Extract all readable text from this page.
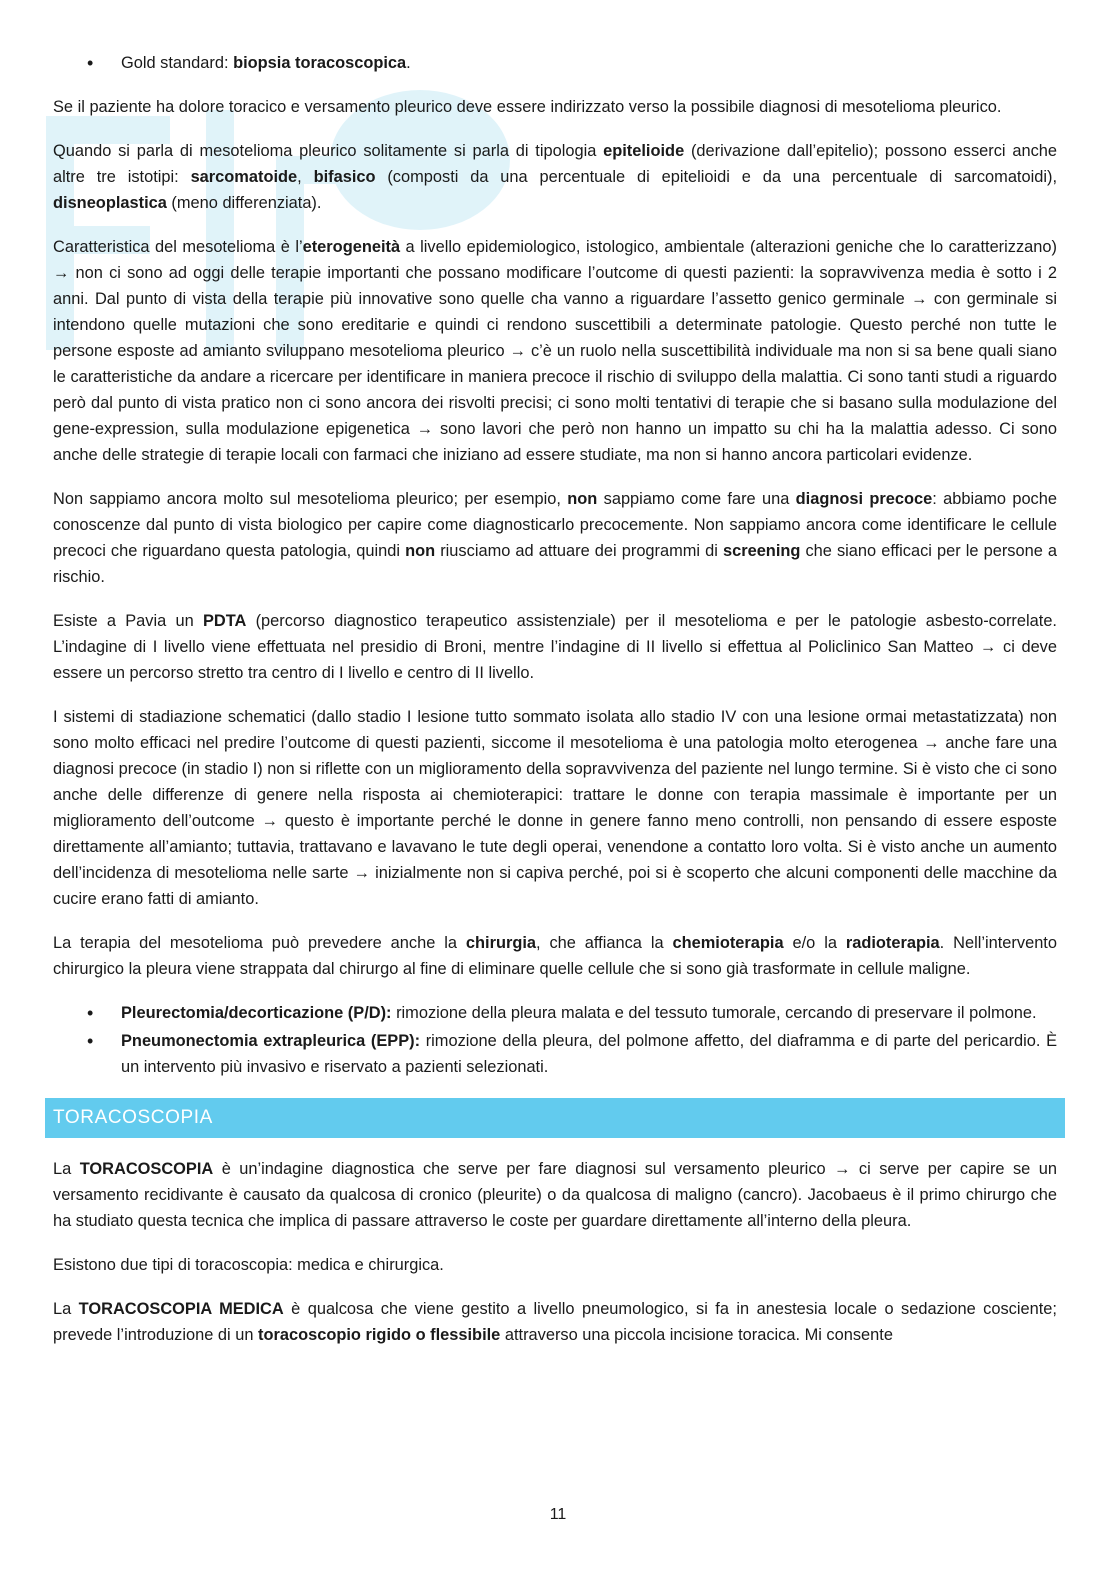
• Gold standard: biopsia toracoscopica.

Se il paziente ha dolore toracico e versamento pleurico deve essere indirizzato verso la possibile diagnosi di mesotelioma pleurico.

Quando si parla di mesotelioma pleurico solitamente si parla di tipologia epitelioide (derivazione dall’epitelio); possono esserci anche altre tre istotipi: sarcomatoide, bifasico (composti da una percentuale di epitelioidi e da una percentuale di sarcomatoidi), disneoplastica (meno differenziata).

Caratteristica del mesotelioma è l’eterogeneità a livello epidemiologico, istologico, ambientale (alterazioni geniche che lo caratterizzano) → non ci sono ad oggi delle terapie importanti che possano modificare l’outcome di questi pazienti: la sopravvivenza media è sotto i 2 anni. Dal punto di vista della terapie più innovative sono quelle cha vanno a riguardare l’assetto genico germinale → con germinale si intendono quelle mutazioni che sono ereditarie e quindi ci rendono suscettibili a determinate patologie. Questo perché non tutte le persone esposte ad amianto sviluppano mesotelioma pleurico → c’è un ruolo nella suscettibilità individuale ma non si sa bene quali siano le caratteristiche da andare a ricercare per identificare in maniera precoce il rischio di sviluppo della malattia. Ci sono tanti studi a riguardo però dal punto di vista pratico non ci sono ancora dei risvolti precisi; ci sono molti tentativi di terapie che si basano sulla modulazione del gene-expression, sulla modulazione epigenetica → sono lavori che però non hanno un impatto su chi ha la malattia adesso. Ci sono anche delle strategie di terapie locali con farmaci che iniziano ad essere studiate, ma non si hanno ancora particolari evidenze.

Non sappiamo ancora molto sul mesotelioma pleurico; per esempio, non sappiamo come fare una diagnosi precoce: abbiamo poche conoscenze dal punto di vista biologico per capire come diagnosticarlo precocemente. Non sappiamo ancora come identificare le cellule precoci che riguardano questa patologia, quindi non riusciamo ad attuare dei programmi di screening che siano efficaci per le persone a rischio.

Esiste a Pavia un PDTA (percorso diagnostico terapeutico assistenziale) per il mesotelioma e per le patologie asbesto-correlate. L’indagine di I livello viene effettuata nel presidio di Broni, mentre l’indagine di II livello si effettua al Policlinico San Matteo → ci deve essere un percorso stretto tra centro di I livello e centro di II livello.

I sistemi di stadiazione schematici (dallo stadio I lesione tutto sommato isolata allo stadio IV con una lesione ormai metastatizzata) non sono molto efficaci nel predire l’outcome di questi pazienti, siccome il mesotelioma è una patologia molto eterogenea → anche fare una diagnosi precoce (in stadio I) non si riflette con un miglioramento della sopravvivenza del paziente nel lungo termine. Si è visto che ci sono anche delle differenze di genere nella risposta ai chemioterapici: trattare le donne con terapia massimale è importante per un miglioramento dell’outcome → questo è importante perché le donne in genere fanno meno controlli, non pensando di essere esposte direttamente all’amianto; tuttavia, trattavano e lavavano le tute degli operai, venendone a contatto loro volta. Si è visto anche un aumento dell’incidenza di mesotelioma nelle sarte → inizialmente non si capiva perché, poi si è scoperto che alcuni componenti delle macchine da cucire erano fatti di amianto.

La terapia del mesotelioma può prevedere anche la chirurgia, che affianca la chemioterapia e/o la radioterapia. Nell’intervento chirurgico la pleura viene strappata dal chirurgo al fine di eliminare quelle cellule che si sono già trasformate in cellule maligne.

• Pleurectomia/decorticazione (P/D): rimozione della pleura malata e del tessuto tumorale, cercando di preservare il polmone.
• Pneumonectomia extrapleurica (EPP): rimozione della pleura, del polmone affetto, del diaframma e di parte del pericardio. È un intervento più invasivo e riservato a pazienti selezionati.
TORACOSCOPIA

La TORACOSCOPIA è un’indagine diagnostica che serve per fare diagnosi sul versamento pleurico → ci serve per capire se un versamento recidivante è causato da qualcosa di cronico (pleurite) o da qualcosa di maligno (cancro). Jacobaeus è il primo chirurgo che ha studiato questa tecnica che implica di passare attraverso le coste per guardare direttamente all’interno della pleura.

Esistono due tipi di toracoscopia: medica e chirurgica.

La TORACOSCOPIA MEDICA è qualcosa che viene gestito a livello pneumologico, si fa in anestesia locale o sedazione cosciente; prevede l’introduzione di un toracoscopio rigido o flessibile attraverso una piccola incisione toracica. Mi consente

11
